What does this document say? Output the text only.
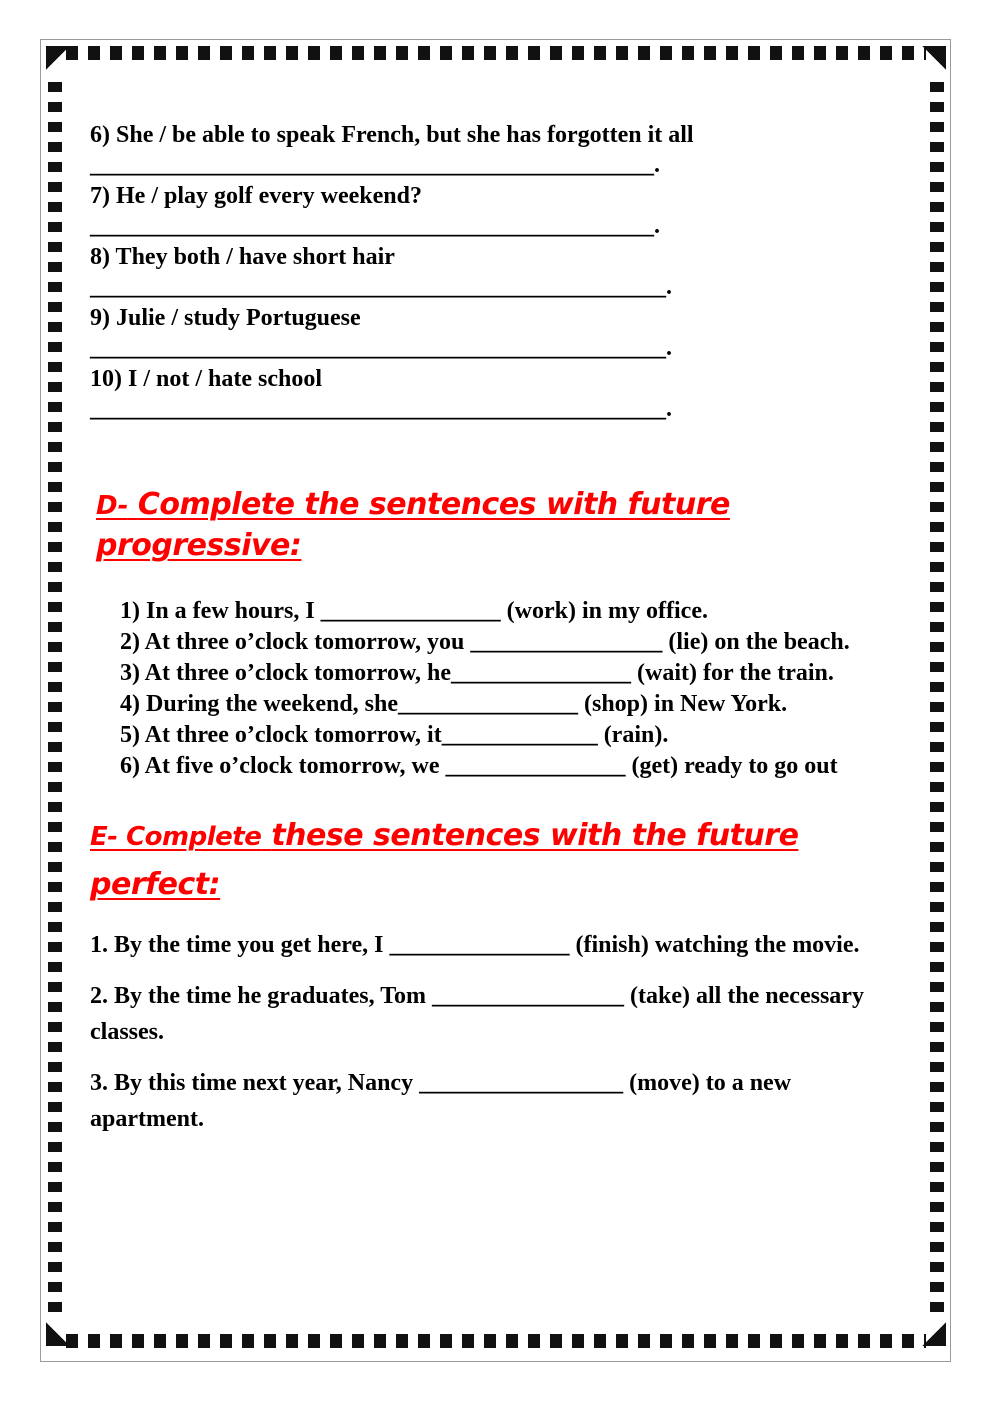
6) She / be able to speak French, but she has forgotten it all
_______________________________________________.
7) He / play golf every weekend?
_______________________________________________.
8) They both / have short hair
________________________________________________.
9) Julie / study Portuguese
________________________________________________.
10) I / not / hate school
________________________________________________.
D- Complete the sentences with future progressive:
1) In a few hours, I _______________ (work) in my office.
2) At three o’clock tomorrow, you ________________ (lie) on the beach.
3) At three o’clock tomorrow, he_______________ (wait) for the train.
4) During the weekend, she_______________ (shop) in New York.
5) At three o’clock tomorrow, it_____________ (rain).
6) At five o’clock tomorrow, we _______________ (get) ready to go out
E- Complete these sentences with the future perfect:
1. By the time you get here, I _______________ (finish) watching the movie.
2. By the time he graduates, Tom ________________ (take) all the necessary classes.
3. By this time next year, Nancy _________________ (move) to a new apartment.
